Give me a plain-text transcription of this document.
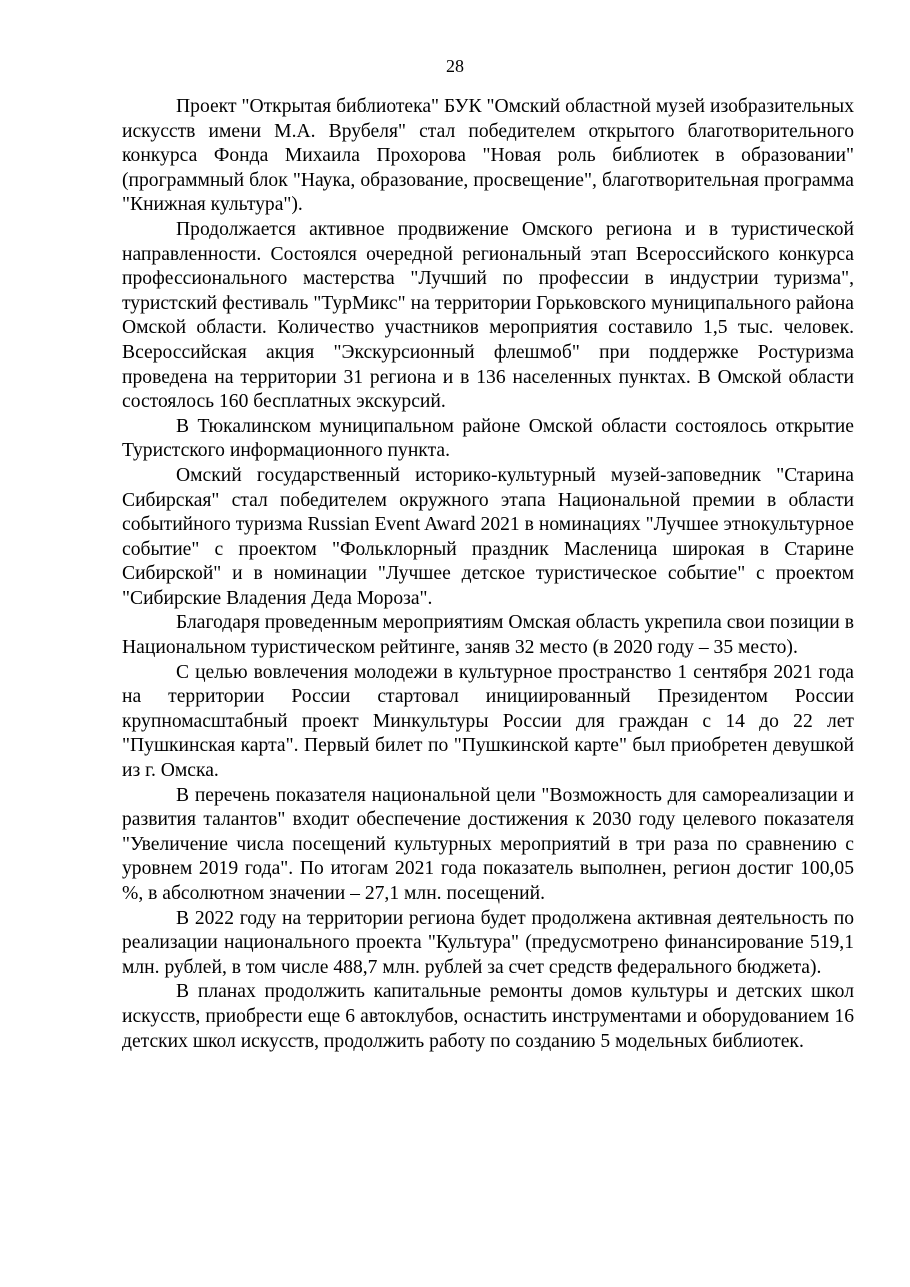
28

Проект "Открытая библиотека" БУК "Омский областной музей изобразительных искусств имени М.А. Врубеля" стал победителем открытого благотворительного конкурса Фонда Михаила Прохорова "Новая роль библиотек в образовании" (программный блок "Наука, образование, просвещение", благотворительная программа "Книжная культура").

Продолжается активное продвижение Омского региона и в туристической направленности. Состоялся очередной региональный этап Всероссийского конкурса профессионального мастерства "Лучший по профессии в индустрии туризма", туристский фестиваль "ТурМикс" на территории Горьковского муниципального района Омской области. Количество участников мероприятия составило 1,5 тыс. человек. Всероссийская акция "Экскурсионный флешмоб" при поддержке Ростуризма проведена на территории 31 региона и в 136 населенных пунктах. В Омской области состоялось 160 бесплатных экскурсий.

В Тюкалинском муниципальном районе Омской области состоялось открытие Туристского информационного пункта.

Омский государственный историко-культурный музей-заповедник "Старина Сибирская" стал победителем окружного этапа Национальной премии в области событийного туризма Russian Event Award 2021 в номинациях "Лучшее этнокультурное событие" с проектом "Фольклорный праздник Масленица широкая в Старине Сибирской" и в номинации "Лучшее детское туристическое событие" с проектом "Сибирские Владения Деда Мороза".

Благодаря проведенным мероприятиям Омская область укрепила свои позиции в Национальном туристическом рейтинге, заняв 32 место (в 2020 году – 35 место).

С целью вовлечения молодежи в культурное пространство 1 сентября 2021 года на территории России стартовал инициированный Президентом России крупномасштабный проект Минкультуры России для граждан с 14 до 22 лет "Пушкинская карта". Первый билет по "Пушкинской карте" был приобретен девушкой из г. Омска.

В перечень показателя национальной цели "Возможность для самореализации и развития талантов" входит обеспечение достижения к 2030 году целевого показателя "Увеличение числа посещений культурных мероприятий в три раза по сравнению с уровнем 2019 года". По итогам 2021 года показатель выполнен, регион достиг 100,05 %, в абсолютном значении – 27,1 млн. посещений.

В 2022 году на территории региона будет продолжена активная деятельность по реализации национального проекта "Культура" (предусмотрено финансирование 519,1 млн. рублей, в том числе 488,7 млн. рублей за счет средств федерального бюджета).

В планах продолжить капитальные ремонты домов культуры и детских школ искусств, приобрести еще 6 автоклубов, оснастить инструментами и оборудованием 16 детских школ искусств, продолжить работу по созданию 5 модельных библиотек.
